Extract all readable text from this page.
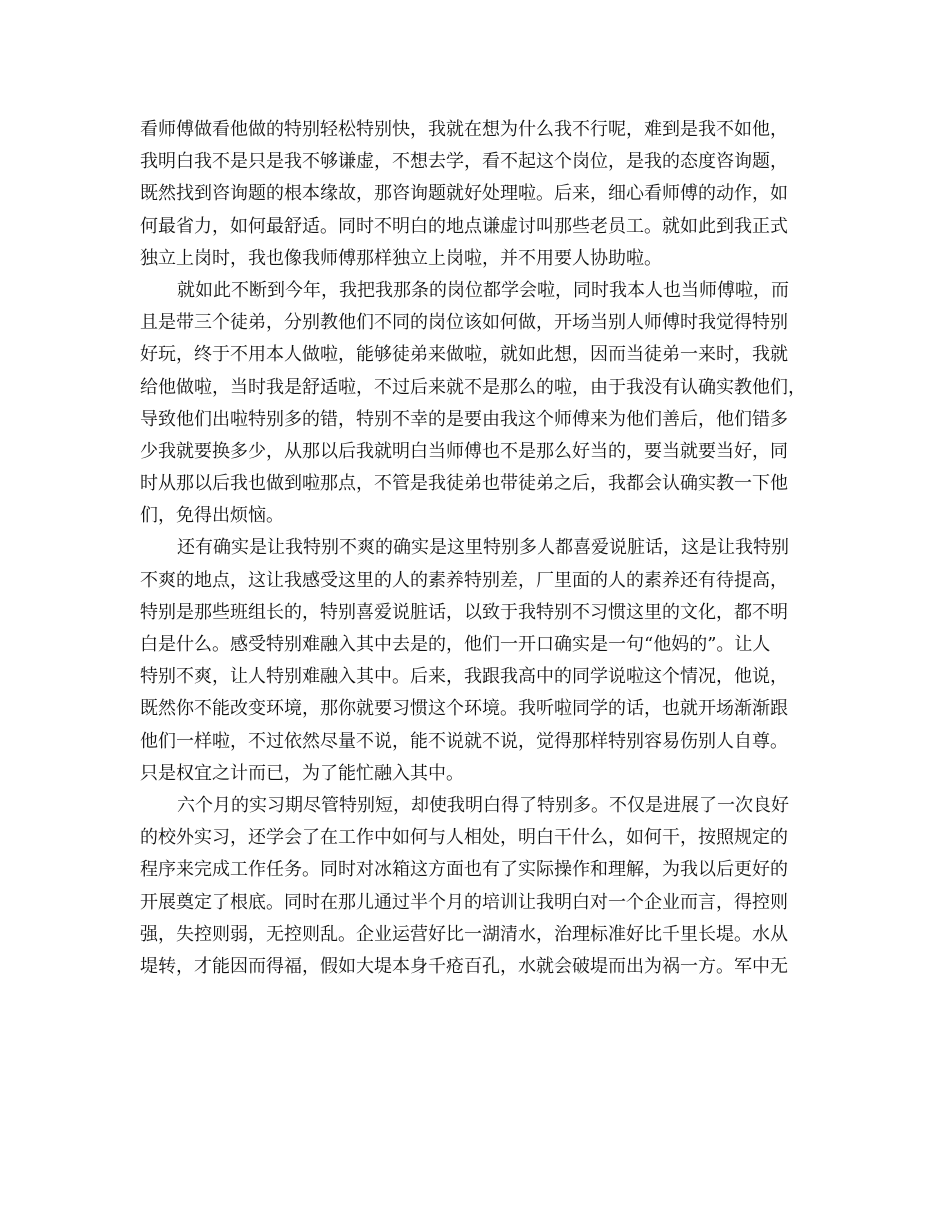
看师傅做看他做的特别轻松特别快，我就在想为什么我不行呢，难到是我不如他，
我明白我不是只是我不够谦虚，不想去学，看不起这个岗位，是我的态度咨询题，
既然找到咨询题的根本缘故，那咨询题就好处理啦。后来，细心看师傅的动作，如
何最省力，如何最舒适。同时不明白的地点谦虚讨叫那些老员工。就如此到我正式
独立上岗时，我也像我师傅那样独立上岗啦，并不用要人协助啦。
就如此不断到今年，我把我那条的岗位都学会啦，同时我本人也当师傅啦，而
且是带三个徒弟，分别教他们不同的岗位该如何做，开场当别人师傅时我觉得特别
好玩，终于不用本人做啦，能够徒弟来做啦，就如此想，因而当徒弟一来时，我就
给他做啦，当时我是舒适啦，不过后来就不是那么的啦，由于我没有认确实教他们，
导致他们出啦特别多的错，特别不幸的是要由我这个师傅来为他们善后，他们错多
少我就要换多少，从那以后我就明白当师傅也不是那么好当的，要当就要当好，同
时从那以后我也做到啦那点，不管是我徒弟也带徒弟之后，我都会认确实教一下他
们，免得出烦恼。
还有确实是让我特别不爽的确实是这里特别多人都喜爱说脏话，这是让我特别
不爽的地点，这让我感受这里的人的素养特别差，厂里面的人的素养还有待提高，
特别是那些班组长的，特别喜爱说脏话，以致于我特别不习惯这里的文化，都不明
白是什么。感受特别难融入其中去是的，他们一开口确实是一句“他妈的”。让人
特别不爽，让人特别难融入其中。后来，我跟我高中的同学说啦这个情况，他说，
既然你不能改变环境，那你就要习惯这个环境。我听啦同学的话，也就开场渐渐跟
他们一样啦，不过依然尽量不说，能不说就不说，觉得那样特别容易伤别人自尊。
只是权宜之计而已，为了能忙融入其中。
六个月的实习期尽管特别短，却使我明白得了特别多。不仅是进展了一次良好
的校外实习，还学会了在工作中如何与人相处，明白干什么，如何干，按照规定的
程序来完成工作任务。同时对冰箱这方面也有了实际操作和理解，为我以后更好的
开展奠定了根底。同时在那儿通过半个月的培训让我明白对一个企业而言，得控则
强，失控则弱，无控则乱。企业运营好比一湖清水，治理标准好比千里长堤。水从
堤转，才能因而得福，假如大堤本身千疮百孔，水就会破堤而出为祸一方。军中无
